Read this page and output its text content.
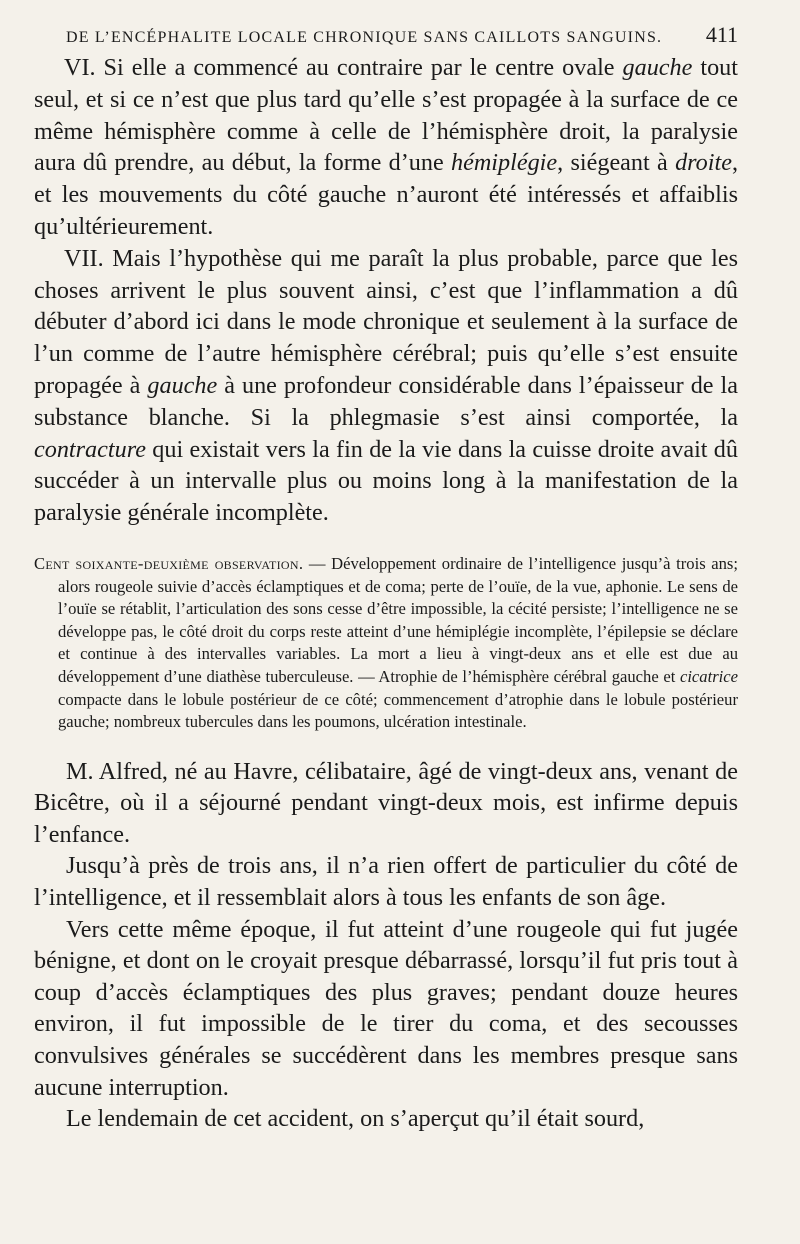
DE L’ENCÉPHALITE LOCALE CHRONIQUE SANS CAILLOTS SANGUINS. 411

VI. Si elle a commencé au contraire par le centre ovale gauche tout seul, et si ce n’est que plus tard qu’elle s’est propagée à la surface de ce même hémisphère comme à celle de l’hémisphère droit, la paralysie aura dû prendre, au début, la forme d’une hémiplégie, siégeant à droite, et les mouvements du côté gauche n’auront été intéressés et affaiblis qu’ultérieurement.

VII. Mais l’hypothèse qui me paraît la plus probable, parce que les choses arrivent le plus souvent ainsi, c’est que l’inflammation a dû débuter d’abord ici dans le mode chronique et seulement à la surface de l’un comme de l’autre hémisphère cérébral; puis qu’elle s’est ensuite propagée à gauche à une profondeur considérable dans l’épaisseur de la substance blanche. Si la phlegmasie s’est ainsi comportée, la contracture qui existait vers la fin de la vie dans la cuisse droite avait dû succéder à un intervalle plus ou moins long à la manifestation de la paralysie générale incomplète.

Cent soixante-deuxième observation. — Développement ordinaire de l’intelligence jusqu’à trois ans; alors rougeole suivie d’accès éclamptiques et de coma; perte de l’ouïe, de la vue, aphonie. Le sens de l’ouïe se rétablit, l’articulation des sons cesse d’être impossible, la cécité persiste; l’intelligence ne se développe pas, le côté droit du corps reste atteint d’une hémiplégie incomplète, l’épilepsie se déclare et continue à des intervalles variables. La mort a lieu à vingt-deux ans et elle est due au développement d’une diathèse tuberculeuse. — Atrophie de l’hémisphère cérébral gauche et cicatrice compacte dans le lobule postérieur de ce côté; commencement d’atrophie dans le lobule postérieur gauche; nombreux tubercules dans les poumons, ulcération intestinale.

M. Alfred, né au Havre, célibataire, âgé de vingt-deux ans, venant de Bicêtre, où il a séjourné pendant vingt-deux mois, est infirme depuis l’enfance.

Jusqu’à près de trois ans, il n’a rien offert de particulier du côté de l’intelligence, et il ressemblait alors à tous les enfants de son âge.

Vers cette même époque, il fut atteint d’une rougeole qui fut jugée bénigne, et dont on le croyait presque débarrassé, lorsqu’il fut pris tout à coup d’accès éclamptiques des plus graves; pendant douze heures environ, il fut impossible de le tirer du coma, et des secousses convulsives générales se succédèrent dans les membres presque sans aucune interruption.

Le lendemain de cet accident, on s’aperçut qu’il était sourd,
